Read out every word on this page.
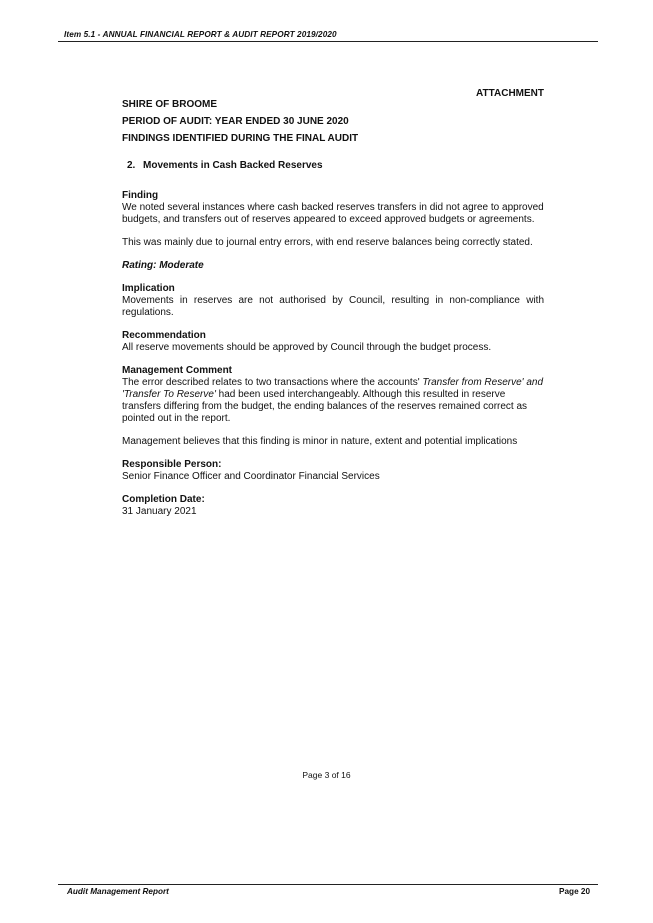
Item 5.1 - ANNUAL FINANCIAL REPORT & AUDIT REPORT 2019/2020
ATTACHMENT
SHIRE OF BROOME
PERIOD OF AUDIT: YEAR ENDED 30 JUNE 2020
FINDINGS IDENTIFIED DURING THE FINAL AUDIT
2. Movements in Cash Backed Reserves
Finding
We noted several instances where cash backed reserves transfers in did not agree to approved budgets, and transfers out of reserves appeared to exceed approved budgets or agreements.
This was mainly due to journal entry errors, with end reserve balances being correctly stated.
Rating: Moderate
Implication
Movements in reserves are not authorised by Council, resulting in non-compliance with regulations.
Recommendation
All reserve movements should be approved by Council through the budget process.
Management Comment
The error described relates to two transactions where the accounts' Transfer from Reserve' and 'Transfer To Reserve' had been used interchangeably. Although this resulted in reserve transfers differing from the budget, the ending balances of the reserves remained correct as pointed out in the report.
Management believes that this finding is minor in nature, extent and potential implications
Responsible Person:
Senior Finance Officer and Coordinator Financial Services
Completion Date:
31 January 2021
Page 3 of 16
Audit Management Report	Page 20
